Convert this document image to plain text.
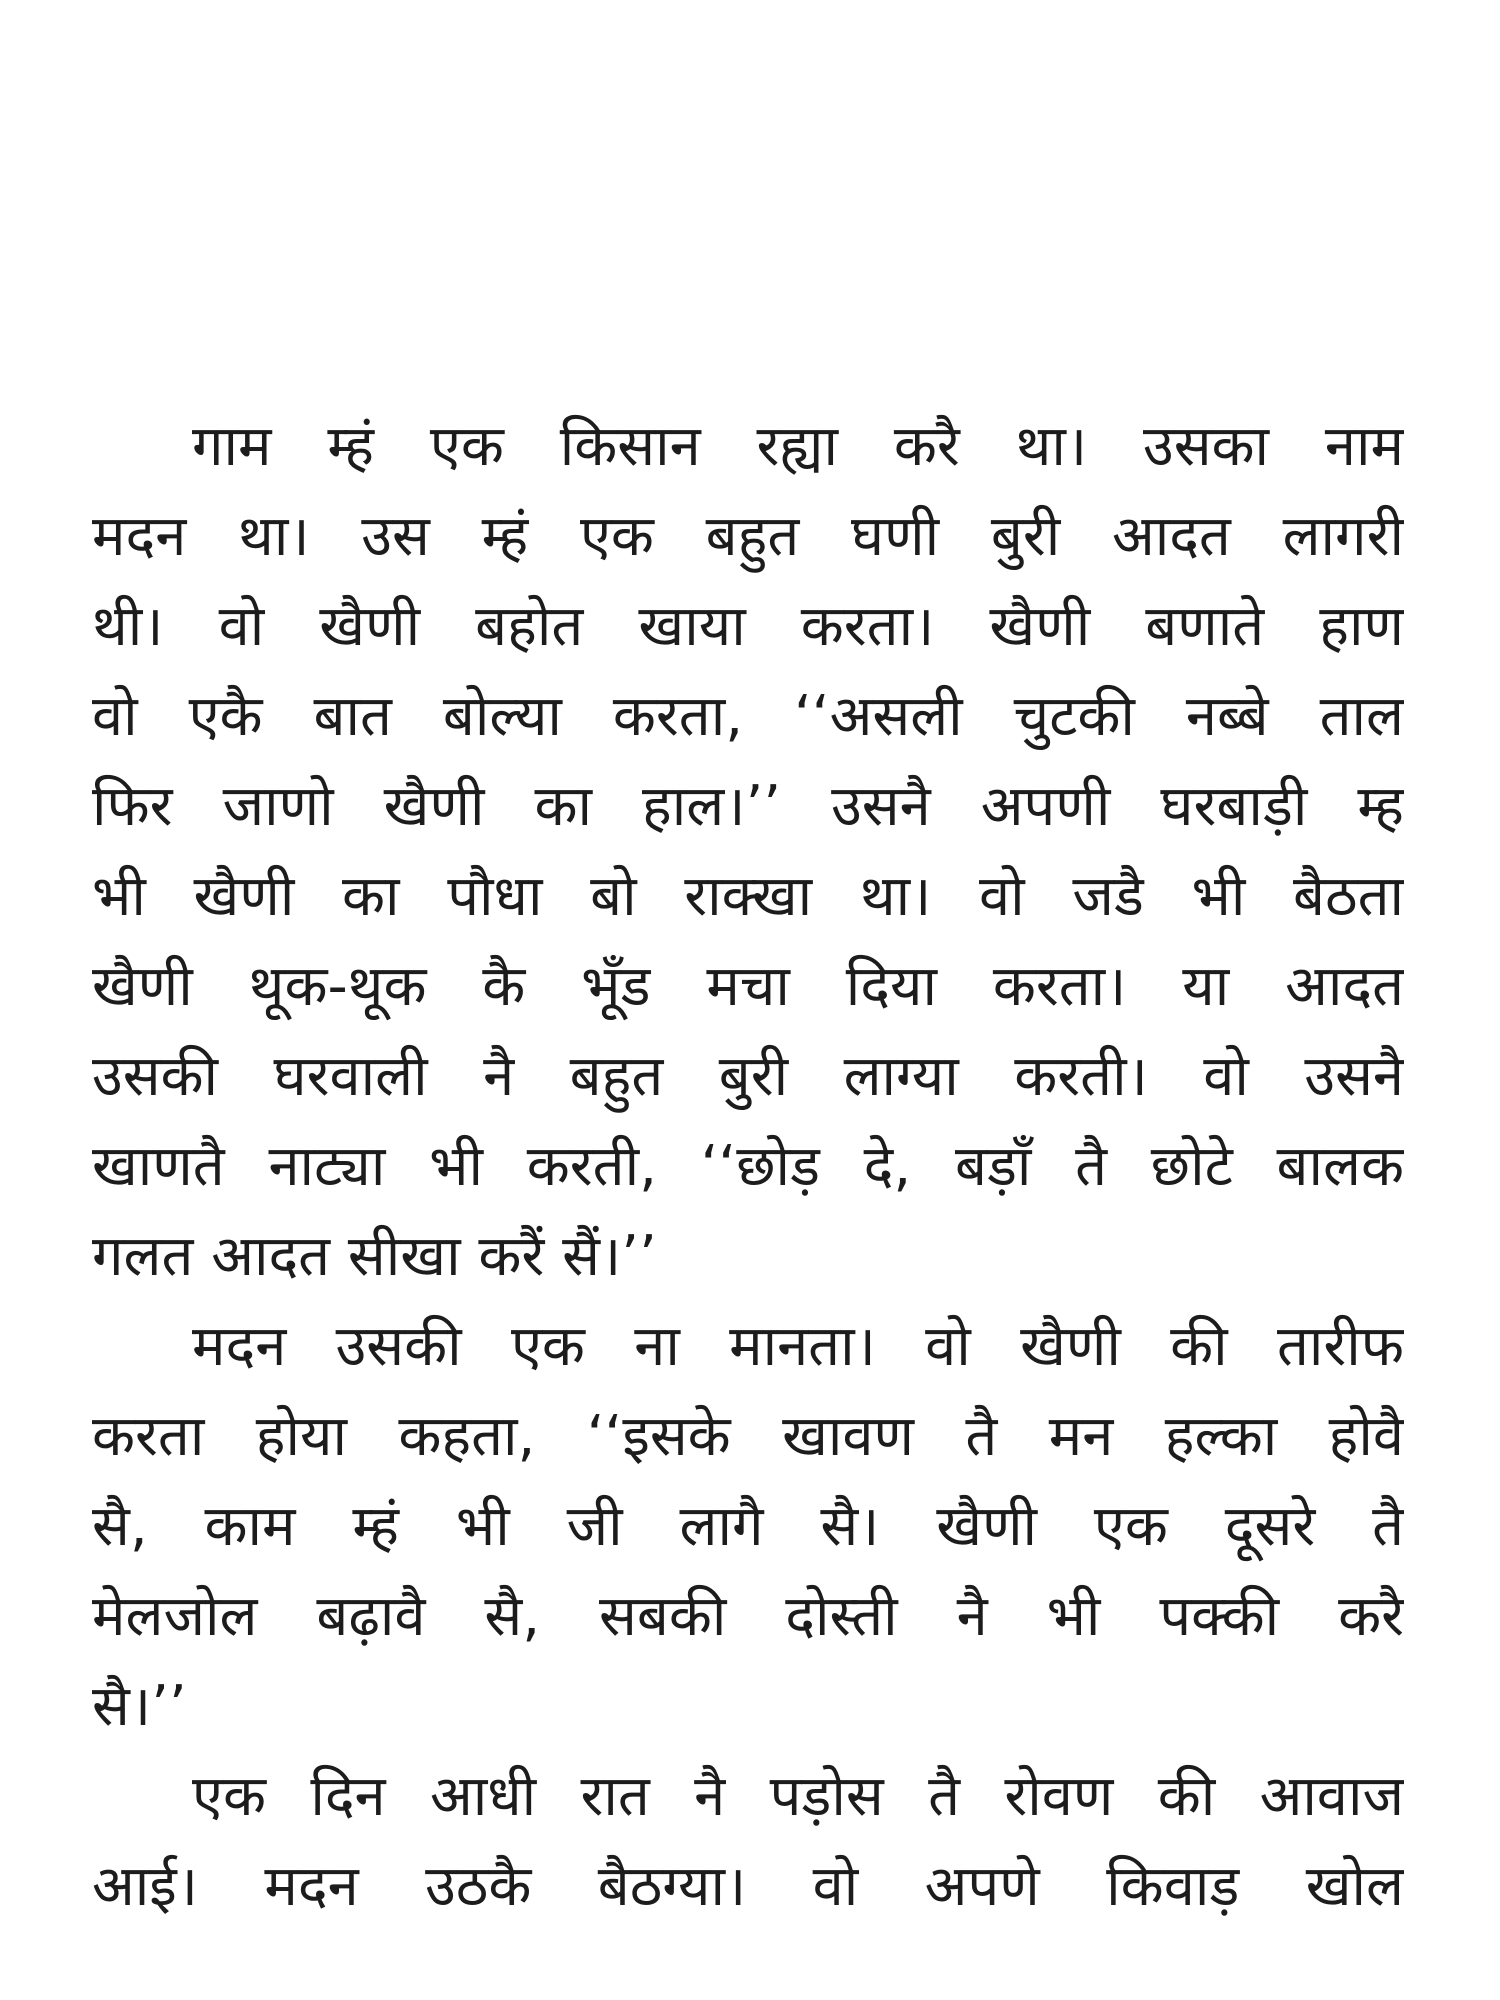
गाम म्हं एक किसान रह्या करै था। उसका नाम
मदन था। उस म्हं एक बहुत घणी बुरी आदत लागरी
थी। वो खैणी बहोत खाया करता। खैणी बणाते हाण
वो एकै बात बोल्या करता, ‘‘असली चुटकी नब्बे ताल
फिर जाणो खैणी का हाल।’’ उसनै अपणी घरबाड़ी म्ह
भी खैणी का पौधा बो राक्खा था। वो जडै भी बैठता
खैणी थूक-थूक कै भूँड मचा दिया करता। या आदत
उसकी घरवाली नै बहुत बुरी लाग्या करती। वो उसनै
खाणतै नाट्या भी करती, ‘‘छोड़ दे, बड़ाँ तै छोटे बालक
गलत आदत सीखा करैं सैं।’’
मदन उसकी एक ना मानता। वो खैणी की तारीफ
करता होया कहता, ‘‘इसके खावण तै मन हल्का होवै
सै, काम म्हं भी जी लागै सै। खैणी एक दूसरे तै
मेलजोल बढ़ावै सै, सबकी दोस्ती नै भी पक्की करै
सै।’’
एक दिन आधी रात नै पड़ोस तै रोवण की आवाज
आई। मदन उठकै बैठग्या। वो अपणे किवाड़ खोल
